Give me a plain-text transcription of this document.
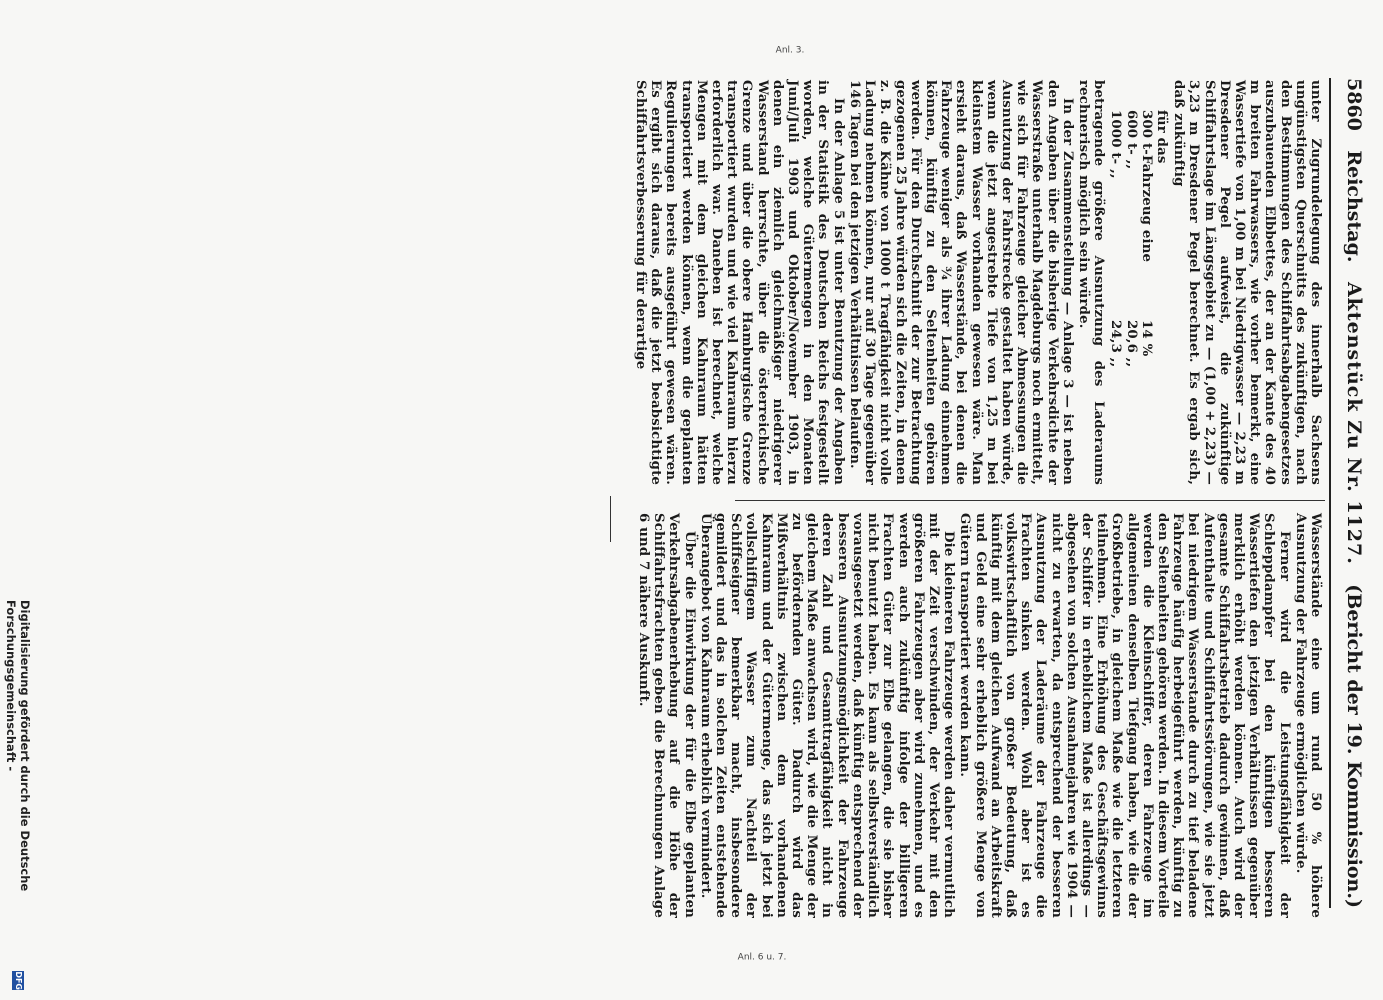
5860
Reichstag.
Aktenstück Zu Nr. 1127.
(Bericht der 19. Kommission.)

unter Zugrundelegung des innerhalb Sachsens ungünstigsten Querschnitts des zukünftigen, nach den Bestimmungen des Schiffahrtsabgabengesetzes auszubauenden Elbbettes, der an der Kante des 40 m breiten Fahrwassers, wie vorher bemerkt, eine Wassertiefe von 1,00 m bei Niedrigwasser — 2,23 m Dresdener Pegel aufweist, die zukünftige Schiffahrtslage im Längsgebiet zu — (1,00 + 2,23) — 3,23 m Dresdener Pegel berechnet. Es ergab sich, daß zukünftig

für das
300 t-Fahrzeug eine
14 %
600 t- ,,
20,6 ,,
1000 t- ,,
24,3 ,,

betragende größere Ausnutzung des Laderaums rechnerisch möglich sein würde.

In der Zusammenstellung — Anlage 3 — ist neben den Angaben über die bisherige Verkehrsdichte der Wasserstraße unterhalb Magdeburgs noch ermittelt, wie sich für Fahrzeuge gleicher Abmessungen die Ausnutzung der Fahrstrecke gestaltet haben würde, wenn die jetzt angestrebte Tiefe von 1,25 m bei kleinstem Wasser vorhanden gewesen wäre. Man ersieht daraus, daß Wasserstände, bei denen die Fahrzeuge weniger als ¾ ihrer Ladung einnehmen können, künftig zu den Seltenheiten gehören werden. Für den Durchschnitt der zur Betrachtung gezogenen 25 Jahre würden sich die Zeiten, in denen z. B. die Kähne von 1000 t Tragfähigkeit nicht volle Ladung nehmen können, nur auf 30 Tage gegenüber 146 Tagen bei den jetzigen Verhältnissen belaufen.

In der Anlage 5 ist unter Benutzung der Angaben in der Statistik des Deutschen Reichs festgestellt worden, welche Gütermengen in den Monaten Juni/Juli 1903 und Oktober/November 1903, in denen ein ziemlich gleichmäßiger niedrigerer Wasserstand herrschte, über die österreichische Grenze und über die obere Hamburgische Grenze transportiert wurden und wie viel Kahnraum hierzu erforderlich war. Daneben ist berechnet, welche Mengen mit dem gleichen Kahnraum hätten transportiert werden können, wenn die geplanten Regulierungen bereits ausgeführt gewesen wären. Es ergibt sich daraus, daß die jetzt beabsichtigte Schiffahrtsverbesserung für derartige

Wasserstände eine um rund 50 % höhere Ausnutzung der Fahrzeuge ermöglichen würde.

Ferner wird die Leistungsfähigkeit der Schleppdampfer bei den künftigen besseren Wassertiefen den jetzigen Verhältnissen gegenüber merklich erhöht werden können. Auch wird der gesamte Schiffahrtsbetrieb dadurch gewinnen, daß Aufenthalte und Schiffahrtsstörungen, wie sie jetzt bei niedrigem Wasserstande durch zu tief beladene Fahrzeuge häufig herbeigeführt werden, künftig zu den Seltenheiten gehören werden. In diesem Vorteile werden die Kleinschiffer, deren Fahrzeuge im allgemeinen denselben Tiefgang haben, wie die der Großbetriebe, in gleichem Maße wie die letzteren teilnehmen. Eine Erhöhung des Geschäftsgewinns der Schiffer in erheblichem Maße ist allerdings — abgesehen von solchen Ausnahmejahren wie 1904 — nicht zu erwarten, da entsprechend der besseren Ausnutzung der Laderäume der Fahrzeuge die Frachten sinken werden. Wohl aber ist es volkswirtschaftlich von großer Bedeutung, daß künftig mit dem gleichen Aufwand an Arbeitskraft und Geld eine sehr erheblich größere Menge von Gütern transportiert werden kann.

Die kleineren Fahrzeuge werden daher vermutlich mit der Zeit verschwinden, der Verkehr mit den größeren Fahrzeugen aber wird zunehmen, und es werden auch zukünftig infolge der billigeren Frachten Güter zur Elbe gelangen, die sie bisher nicht benutzt haben. Es kann als selbstverständlich vorausgesetzt werden, daß künftig entsprechend der besseren Ausnutzungsmöglichkeit der Fahrzeuge deren Zahl und Gesamttragfähigkeit nicht in gleichem Maße anwachsen wird, wie die Menge der zu befördernden Güter. Dadurch wird das Mißverhältnis zwischen dem vorhandenen Kahnraum und der Gütermenge, das sich jetzt bei vollschiffigem Wasser zum Nachteil der Schiffseigner bemerkbar macht, insbesondere gemildert und das in solchen Zeiten entstehende Überangebot von Kahnraum erheblich vermindert.

Über die Einwirkung der für die Elbe geplanten Verkehrsabgabenerhebung auf die Höhe der Schiffahrtsfrachten geben die Berechnungen Anlage 6 und 7 nähere Auskunft.

Anl. 3.
Anl. 6 u. 7.
Digitalisierung gefördert durch die Deutsche Forschungsgemeinschaft -
DFG
